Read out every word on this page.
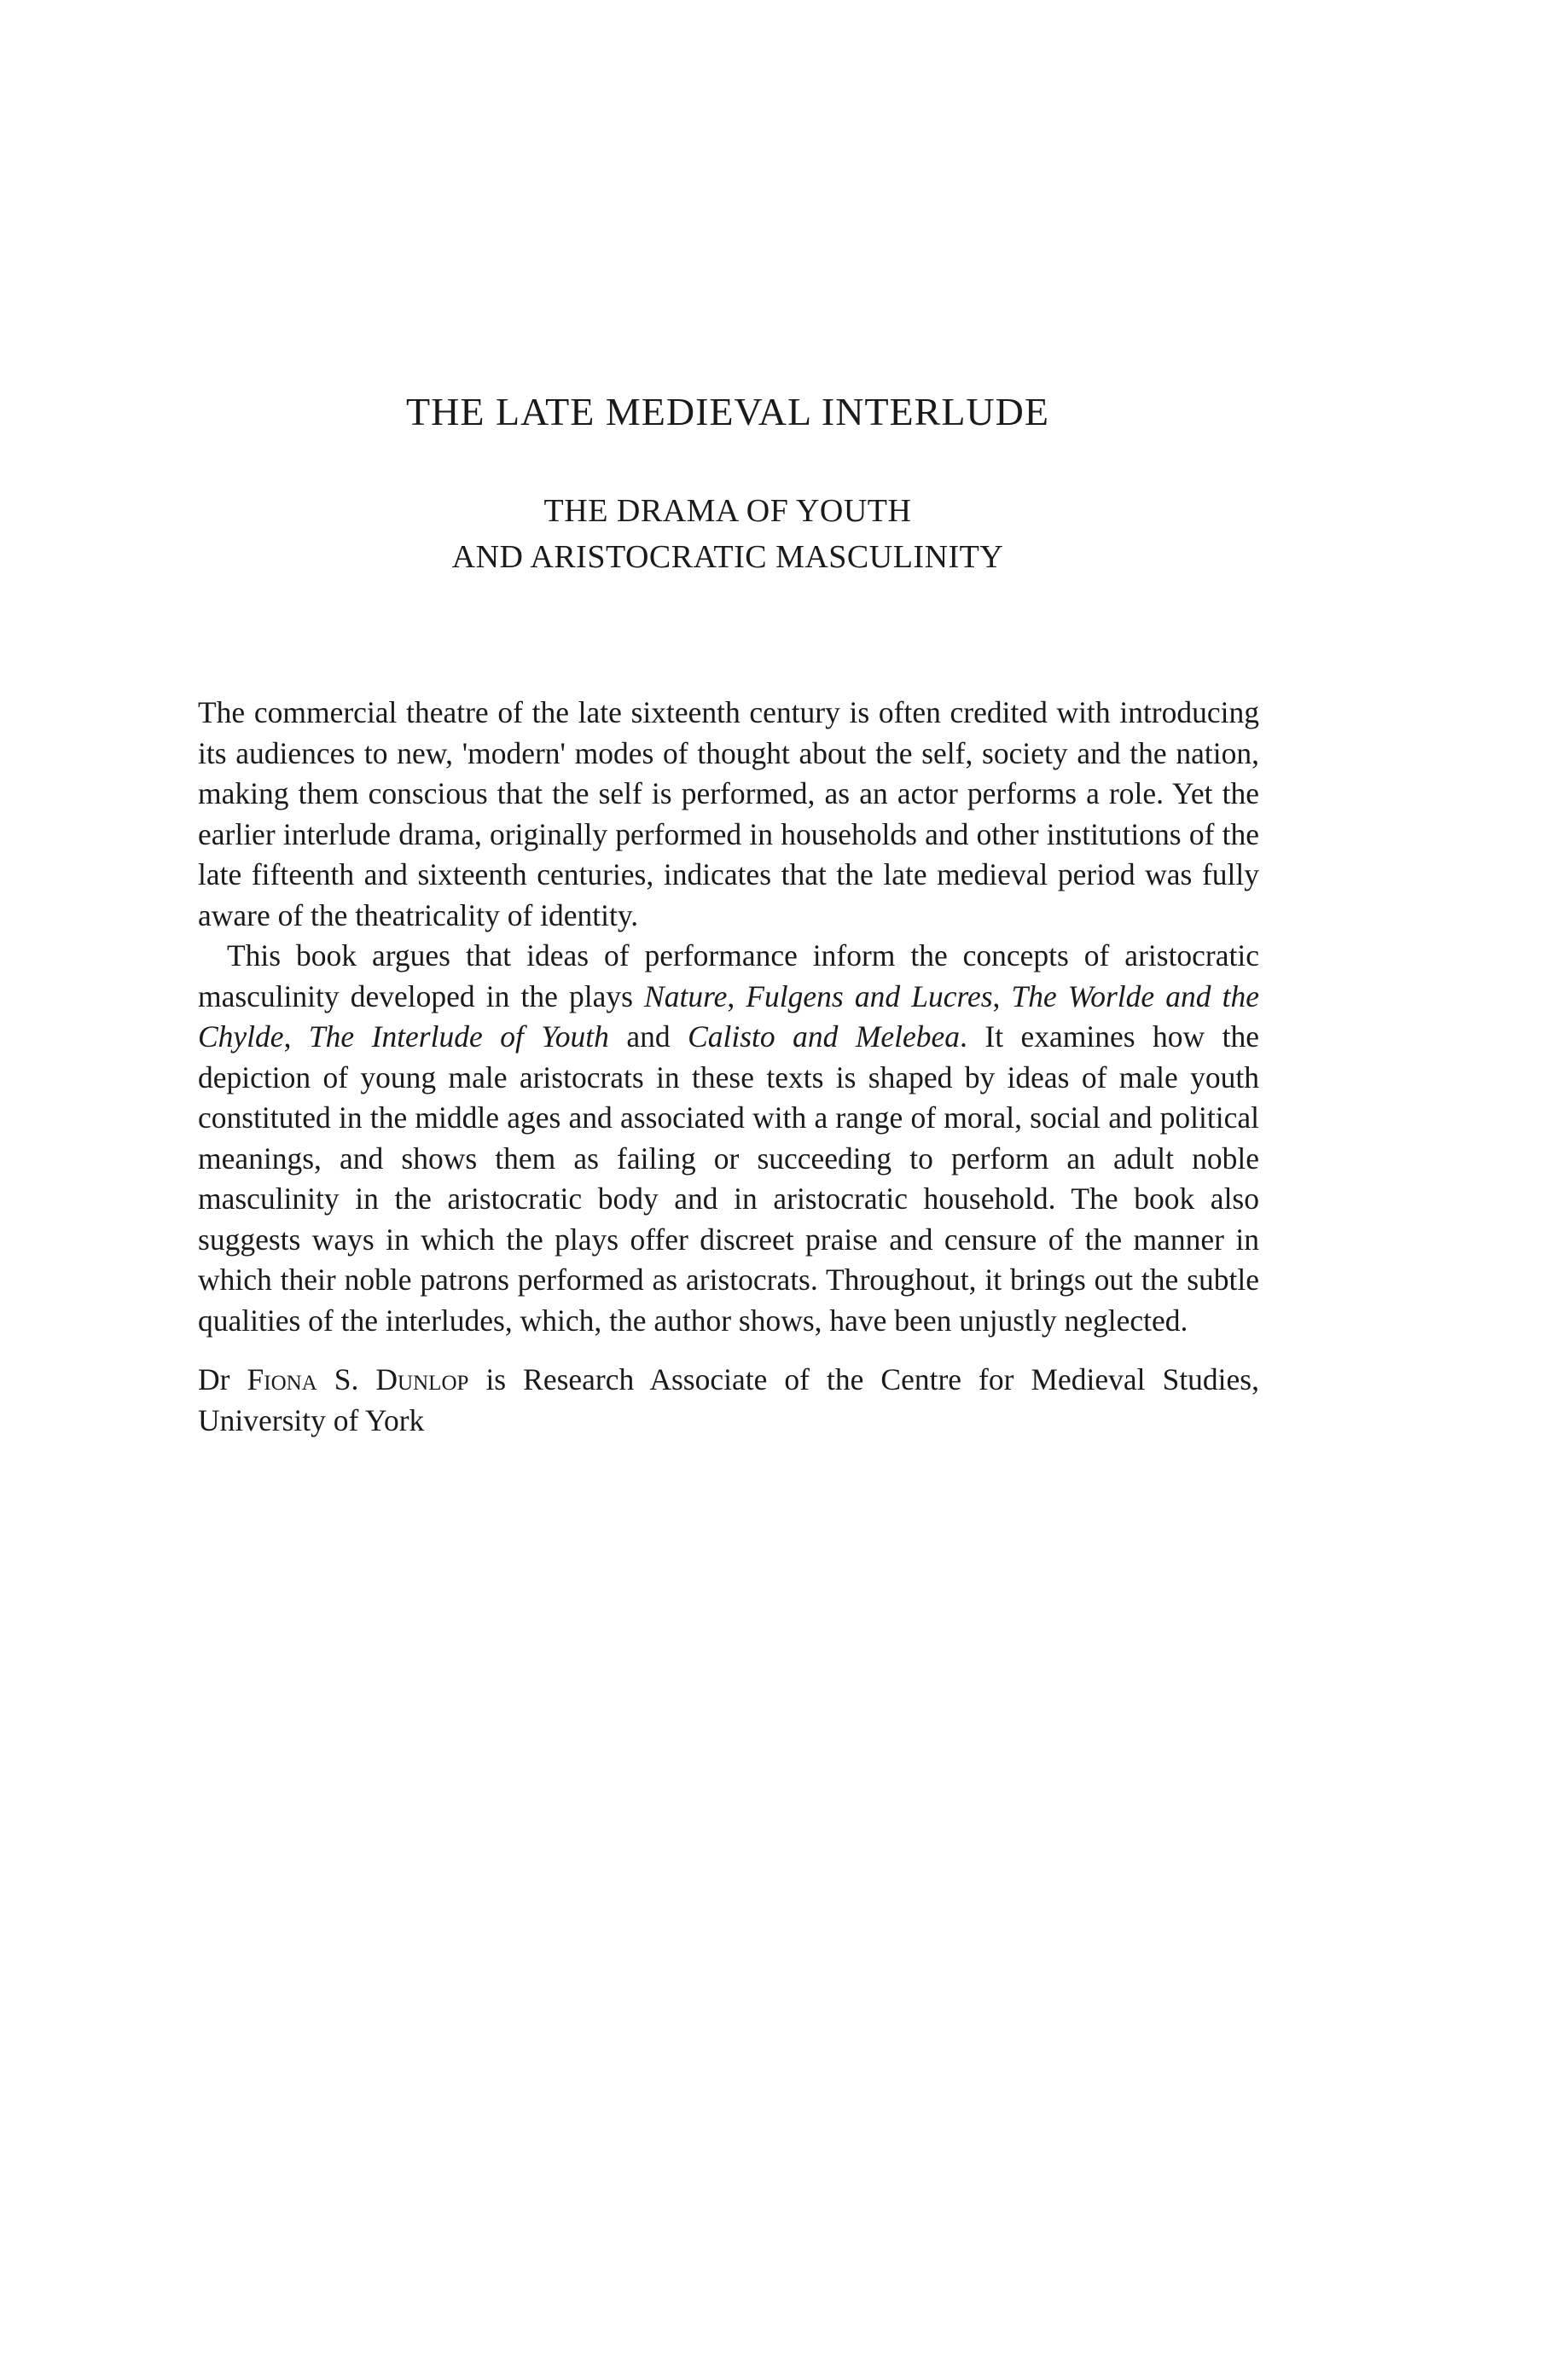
THE LATE MEDIEVAL INTERLUDE
THE DRAMA OF YOUTH
AND ARISTOCRATIC MASCULINITY

The commercial theatre of the late sixteenth century is often credited with introducing its audiences to new, 'modern' modes of thought about the self, society and the nation, making them conscious that the self is performed, as an actor performs a role. Yet the earlier interlude drama, originally performed in households and other institutions of the late fifteenth and sixteenth centuries, indicates that the late medieval period was fully aware of the theatricality of identity.

This book argues that ideas of performance inform the concepts of aristocratic masculinity developed in the plays Nature, Fulgens and Lucres, The Worlde and the Chylde, The Interlude of Youth and Calisto and Melebea. It examines how the depiction of young male aristocrats in these texts is shaped by ideas of male youth constituted in the middle ages and associated with a range of moral, social and political meanings, and shows them as failing or succeeding to perform an adult noble masculinity in the aristocratic body and in aristocratic household. The book also suggests ways in which the plays offer discreet praise and censure of the manner in which their noble patrons performed as aristocrats. Throughout, it brings out the subtle qualities of the interludes, which, the author shows, have been unjustly neglected.

Dr Fiona S. Dunlop is Research Associate of the Centre for Medieval Studies, University of York
